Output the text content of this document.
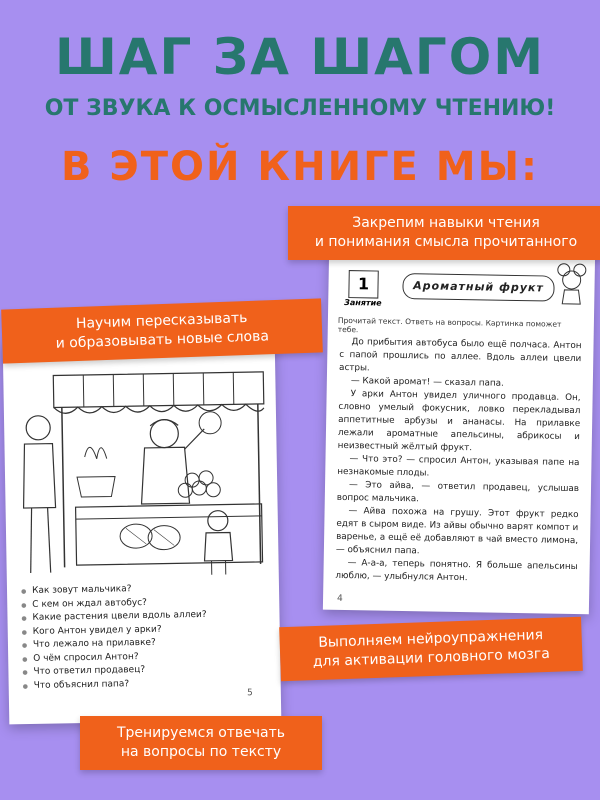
ШАГ ЗА ШАГОМ
ОТ ЗВУКА К ОСМЫСЛЕННОМУ ЧТЕНИЮ!
В ЭТОЙ КНИГЕ МЫ:
● Как зовут мальчика?
● С кем он ждал автобус?
● Какие растения цвели вдоль аллеи?
● Кого Антон увидел у арки?
● Что лежало на прилавке?
● О чём спросил Антон?
● Что ответил продавец?
● Что объяснил папа?
5
1
Занятие
Ароматный фрукт
Прочитай текст. Ответь на вопросы. Картинка поможет тебе.

До прибытия автобуса было ещё полчаса. Антон с папой прошлись по аллее. Вдоль аллеи цвели астры.

— Какой аромат! — сказал папа.

У арки Антон увидел уличного продавца. Он, словно умелый фокусник, ловко перекладывал аппетитные арбузы и ананасы. На прилавке лежали ароматные апельсины, абрикосы и неизвестный жёлтый фрукт.

— Что это? — спросил Антон, указывая папе на незнакомые плоды.

— Это айва, — ответил продавец, услышав вопрос мальчика.

— Айва похожа на грушу. Этот фрукт редко едят в сыром виде. Из айвы обычно варят компот и варенье, а ещё её добавляют в чай вместо лимона, — объяснил папа.

— А-а-а, теперь понятно. Я больше апельсины люблю, — улыбнулся Антон.

4
Закрепим навыки чтения
и понимания смысла прочитанного
Научим пересказывать
и образовывать новые слова
Выполняем нейроупражнения
для активации головного мозга
Тренируемся отвечать
на вопросы по тексту
